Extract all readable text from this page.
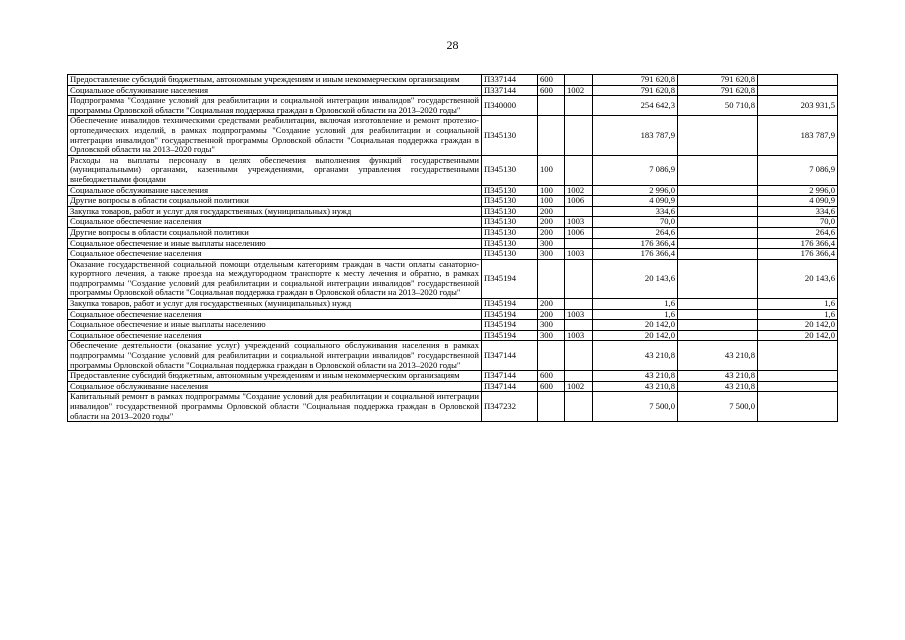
28
Предоставление субсидий бюджетным, автономным учреждениям и иным некоммерческим организациям	П337144	600		791 620,8	791 620,8	
Социальное обслуживание населения	П337144	600	1002	791 620,8	791 620,8	
Подпрограмма "Создание условий для реабилитации и социальной интеграции инвалидов" государственной программы Орловской области "Социальная поддержка граждан в Орловской области на 2013–2020 годы"	П340000			254 642,3	50 710,8	203 931,5
Обеспечение инвалидов техническими средствами реабилитации, включая изготовление и ремонт протезно-ортопедических изделий, в рамках подпрограммы "Создание условий для реабилитации и социальной интеграции инвалидов" государственной программы Орловской области "Социальная поддержка граждан в Орловской области на 2013–2020 годы"	П345130			183 787,9		183 787,9
Расходы на выплаты персоналу в целях обеспечения выполнения функций государственными (муниципальными) органами, казенными учреждениями, органами управления государственными внебюджетными фондами	П345130	100		7 086,9		7 086,9
Социальное обслуживание населения	П345130	100	1002	2 996,0		2 996,0
Другие вопросы в области социальной политики	П345130	100	1006	4 090,9		4 090,9
Закупка товаров, работ и услуг для государственных (муниципальных) нужд	П345130	200		334,6		334,6
Социальное обеспечение населения	П345130	200	1003	70,0		70,0
Другие вопросы в области социальной политики	П345130	200	1006	264,6		264,6
Социальное обеспечение и иные выплаты населению	П345130	300		176 366,4		176 366,4
Социальное обеспечение населения	П345130	300	1003	176 366,4		176 366,4
Оказание государственной социальной помощи отдельным категориям граждан в части оплаты санаторно-курортного лечения, а также проезда на междугородном транспорте к месту лечения и обратно, в рамках подпрограммы "Создание условий для реабилитации и социальной интеграции инвалидов" государственной программы Орловской области "Социальная поддержка граждан в Орловской области на 2013–2020 годы"	П345194			20 143,6		20 143,6
Закупка товаров, работ и услуг для государственных (муниципальных) нужд	П345194	200		1,6		1,6
Социальное обеспечение населения	П345194	200	1003	1,6		1,6
Социальное обеспечение и иные выплаты населению	П345194	300		20 142,0		20 142,0
Социальное обеспечение населения	П345194	300	1003	20 142,0		20 142,0
Обеспечение деятельности (оказание услуг) учреждений социального обслуживания населения в рамках подпрограммы "Создание условий для реабилитации и социальной интеграции инвалидов" государственной программы Орловской области "Социальная поддержка граждан в Орловской области на 2013–2020 годы"	П347144			43 210,8	43 210,8	
Предоставление субсидий бюджетным, автономным учреждениям и иным некоммерческим организациям	П347144	600		43 210,8	43 210,8	
Социальное обслуживание населения	П347144	600	1002	43 210,8	43 210,8	
Капитальный ремонт в рамках подпрограммы "Создание условий для реабилитации и социальной интеграции инвалидов" государственной программы Орловской области "Социальная поддержка граждан в Орловской области на 2013–2020 годы"	П347232			7 500,0	7 500,0	
